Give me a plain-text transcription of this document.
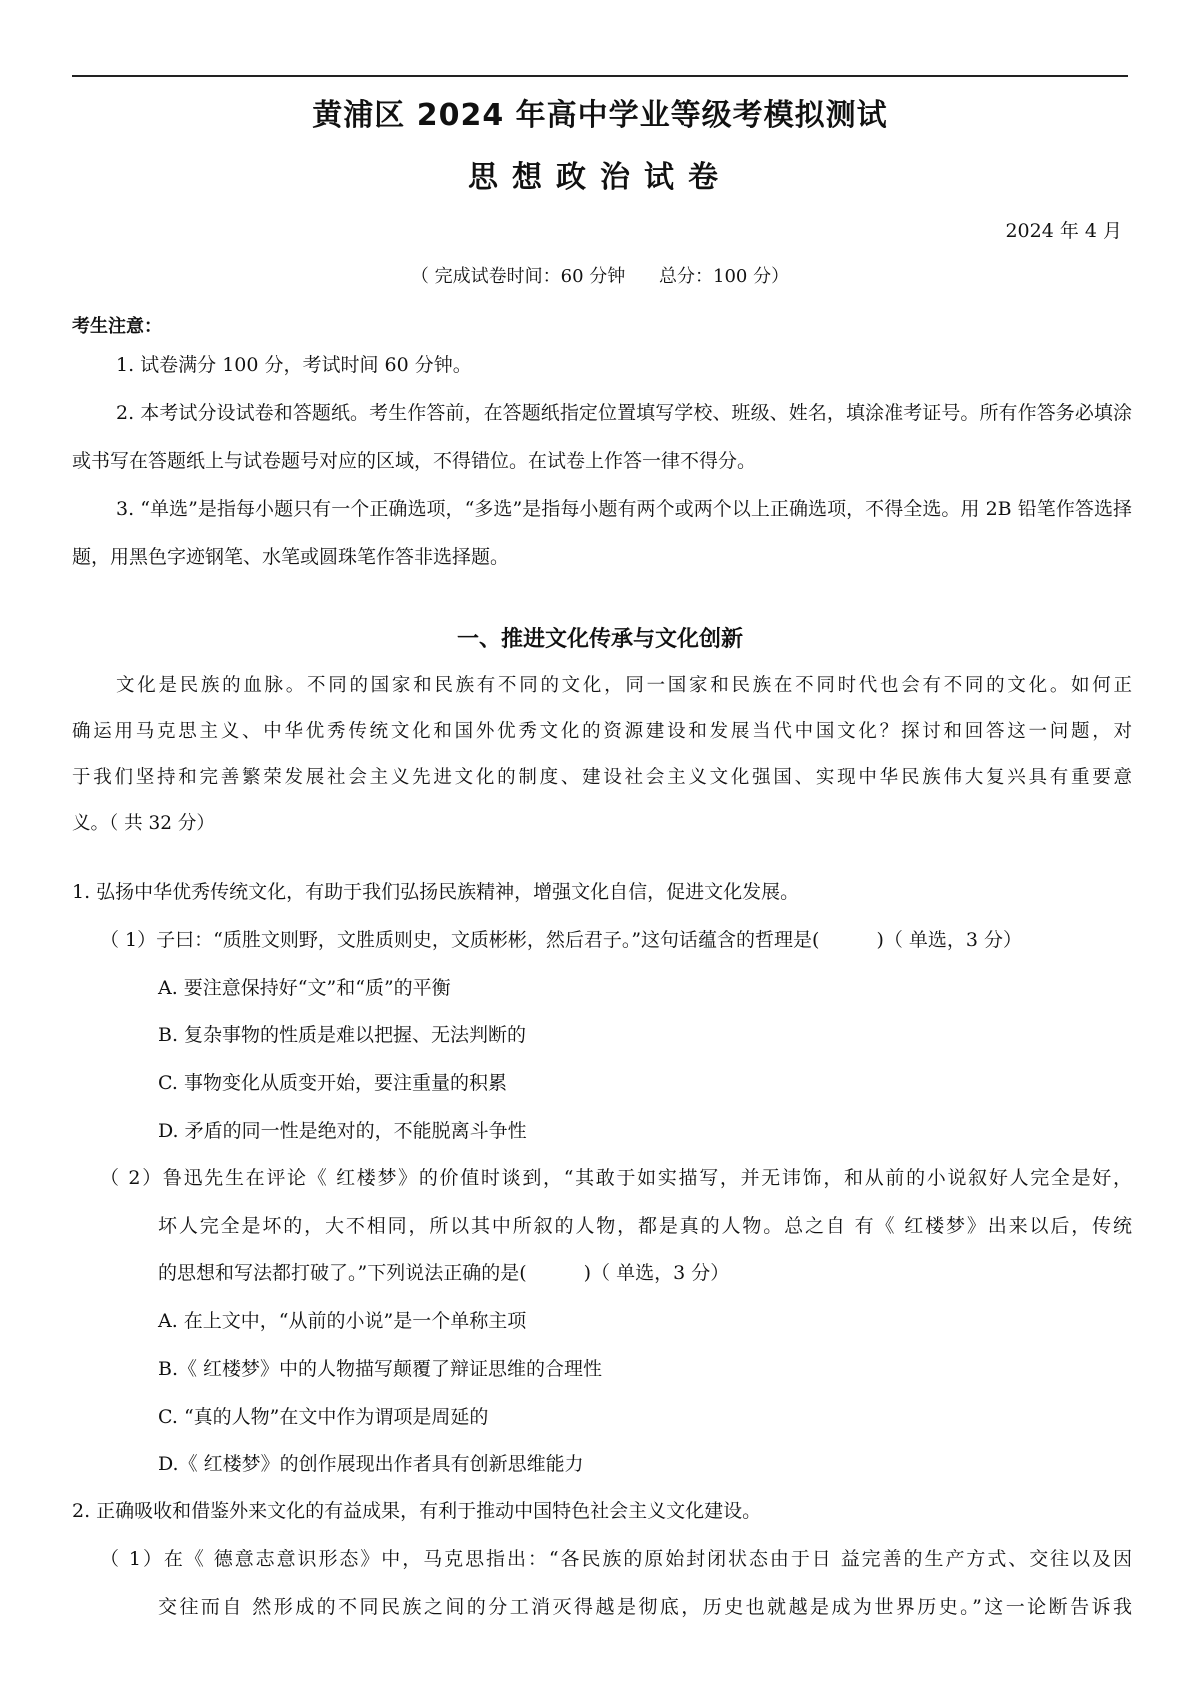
黄浦区 2024 年高中学业等级考模拟测试
思想政治试卷
2024 年 4 月
（ 完成试卷时间：60 分钟 总分：100 分）
考生注意：
1. 试卷满分 100 分，考试时间 60 分钟。
2. 本考试分设试卷和答题纸。考生作答前，在答题纸指定位置填写学校、班级、姓名，填涂准考证号。所有作答务必填涂或书写在答题纸上与试卷题号对应的区域，不得错位。在试卷上作答一律不得分。
3. “单选”是指每小题只有一个正确选项，“多选”是指每小题有两个或两个以上正确选项，不得全选。用 2B 铅笔作答选择题，用黑色字迹钢笔、水笔或圆珠笔作答非选择题。
一、推进文化传承与文化创新
文化是民族的血脉。不同的国家和民族有不同的文化，同一国家和民族在不同时代也会有不同的文化。如何正
确运用马克思主义、中华优秀传统文化和国外优秀文化的资源建设和发展当代中国文化？探讨和回答这一问题，对
于我们坚持和完善繁荣发展社会主义先进文化的制度、建设社会主义文化强国、实现中华民族伟大复兴具有重要意
义。（ 共 32 分）
1. 弘扬中华优秀传统文化，有助于我们弘扬民族精神，增强文化自信，促进文化发展。
（ 1）子曰：“质胜文则野，文胜质则史，文质彬彬，然后君子。”这句话蕴含的哲理是(　　　)（ 单选，3 分）
A. 要注意保持好“文”和“质”的平衡
B. 复杂事物的性质是难以把握、无法判断的
C. 事物变化从质变开始，要注重量的积累
D. 矛盾的同一性是绝对的，不能脱离斗争性
（ 2）鲁迅先生在评论《 红楼梦》的价值时谈到，“其敢于如实描写，并无讳饰，和从前的小说叙好人完全是好，
坏人完全是坏的，大不相同，所以其中所叙的人物，都是真的人物。总之自 有《 红楼梦》出来以后，传统
的思想和写法都打破了。”下列说法正确的是(　　　)（ 单选，3 分）
A. 在上文中，“从前的小说”是一个单称主项
B.《 红楼梦》中的人物描写颠覆了辩证思维的合理性
C. “真的人物”在文中作为谓项是周延的
D.《 红楼梦》的创作展现出作者具有创新思维能力
2. 正确吸收和借鉴外来文化的有益成果，有利于推动中国特色社会主义文化建设。
（ 1）在《 德意志意识形态》中，马克思指出：“各民族的原始封闭状态由于日 益完善的生产方式、交往以及因
交往而自 然形成的不同民族之间的分工消灭得越是彻底，历史也就越是成为世界历史。”这一论断告诉我
